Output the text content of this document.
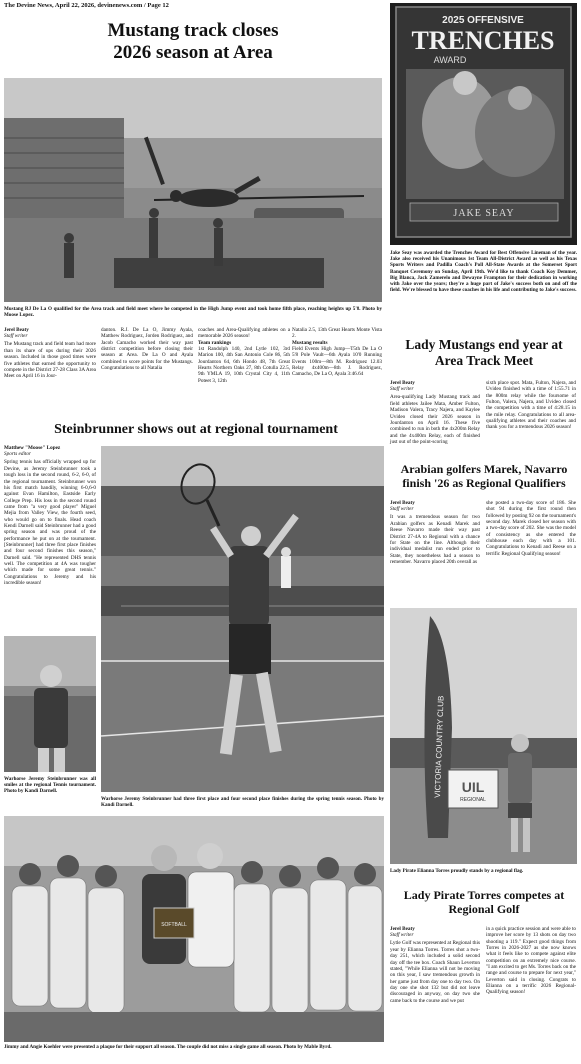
The Devine News, April 22, 2026, devinenews.com / Page 12
Mustang track closes
2026 season at Area
Mustang RJ De La O qualified for the Area track and field meet where he competed in the High Jump event and took home fifth place, reaching heights up 5'8. Photo by Moose Lopez.
Jerel Beaty
Staff writer
The Mustang track and field team had more than its share of ups during their 2026 season. Included in those good times were five athletes that earned the opportunity to compete in the District 27-28 Class 3A Area Meet on April 16 in Jour-
danton. R.J. De La O, Jimmy Ayala, Matthew Rodriguez, Jorden Rodriguez, and Jacob Camacho worked their way past district competition before closing their season at Area. De La O and Ayala combined to score points for the Mustangs. Congratulations to all Natalia
coaches and Area-Qualifying athletes on a memorable 2026 season!
Team rankings
1st Randolph 140, 2nd Lytle 102, 3rd Marion 100, 4th San Antonio Cole 86, 5th Jourdanton 64, 6th Hondo 48, 7th Great Hearts Northern Oaks 27, 8th Cotulla 22.5, 9th YMLA 19, 10th Crystal City 4, 11th Poteet 3, 12th
Natalia 2.5, 13th Great Hearts Monte Vista 2.
Mustang results
Field Events High Jump—T5th De La O 5'8 Pole Vault—6th Ayala 10'0 Running Events 100m—8th M. Rodriguez 12.03 Relay 4x400m—8th J. Rodriguez, Camacho, De La O, Ayala 3:46.64
2025 OFFENSIVE
TRENCHES
AWARD
JAKE SEAY
Jake Seay was awarded the Trenches Award for Best Offensive Lineman of the year. Jake also received his Unanimous 1st Team All-District Award as well as his Texas Sports Writers and Padilla Coach's Poll All-State Awards at the Somerset Sport Banquet Ceremony on Sunday, April 19th. We'd like to thank Coach Koy Demmer, Big Blanca, Jack Zamerelo and Dewayne Frampton for their dedication in working with Jake over the years; they're a huge part of Jake's success both on and off the field. We're blessed to have these coaches in his life and contributing to Jake's success.
Lady Mustangs end year at Area Track Meet
Jerel Beaty
Staff writer
Area-qualifying Lady Mustang track and field athletes Jailee Mata, Amber Fulton, Madison Valera, Tracy Najera, and Kaylee Uvideo closed their 2026 season in Jourdanton on April 16. These five combined to run in both the 4x200m Relay and the 4x400m Relay, each of finished just out of the point-scoring
sixth place spot. Mata, Fulton, Najera, and Uvideo finished with a time of 1:55.71 in the 800m relay while the foursome of Fulton, Valera, Najera, and Uvideo closed the competition with a time of 4:28.15 in the mile relay. Congratulations to all area-qualifying athletes and their coaches and thank you for a tremendous 2026 season!
Steinbrunner shows out at regional tournament
Matthew "Moose" Lopez
Sports editor
Spring tennis has officially wrapped up for Devine, as Jeremy Steinbrunner took a tough loss in the second round, 6-2, 6-0, of the regional tournament. Steinbrunner won his first match handily, winning 6-0,6-0 against Evan Hamilton, Eastside Early College Prep. His loss in the second round came from "a very good player" Miguel Mejia from Valley View, the fourth seed, who would go on to finals. Head coach Kendi Darnell said Steinbrunner had a good spring season and was proud of the performance he put on at the tournament. [Steinbrunner] had three first place finishes and four second finishes this season," Darnell said. "He represented DHS tennis well. The competition at 4A was tougher which made for some great tennis." Congratulations to Jeremy and his incredible season!
Warhorse Jeremy Steinbrunner was all smiles at the regional Tennis tournament. Photo by Kandi Darnell.
Warhorse Jeremy Steinbrunner had three first place and four second place finishes during the spring tennis season. Photo by Kandi Darnell.
Arabian golfers Marek, Navarro finish '26 as Regional Qualifiers
Jerel Beaty
Staff writer
It was a tremendous season for two Arabian golfers as Kenadi Marek and Reese Navarro made their way past District 27-4A to Regional with a chance for State on the line. Although their individual medalist run ended prior to State, they nonetheless had a season to remember. Navarro placed 20th overall as
she posted a two-day score of 186. She shot 94 during the first round then followed by posting 92 on the tournament's second day. Marek closed her season with a two-day score of 202. She was the model of consistency as she entered the clubhouse each day with a 101. Congratulations to Kenadi and Reese on a terrific Regional Qualifying season!
VICTORIA COUNTRY CLUB
REGIONAL
UIL
Lady Pirate Elianna Torres proudly stands by a regional flag.
Lady Pirate Torres competes at Regional Golf
Jerel Beaty
Staff writer
Lytle Golf was represented at Regional this year by Elianna Torres. Torres shot a two-day 251, which included a solid second day off the tee box. Coach Shaun Leverton stated, "While Elianna will not be moving on this year, I saw tremendous growth in her game just from day one to day two. On day one she shot 132 but did not leave discouraged in anyway, on day two she came back to the course and we put
in a quick practice session and were able to improve her score by 13 shots on day two shooting a 119." Expect good things from Torres in 2026-2027 as she now knows what it feels like to compete against elite competition on an extremely nice course. "I am excited to get Ms. Torres back on the range and course to prepare for next year," Leverton said in closing. Congrats to Elianna on a terrific 2026 Regional-Qualifying season!
SOFTBALL
Jimmy and Angie Koehler were presented a plaque for their support all season. The couple did not miss a single game all season. Photo by Mable Byrd.
